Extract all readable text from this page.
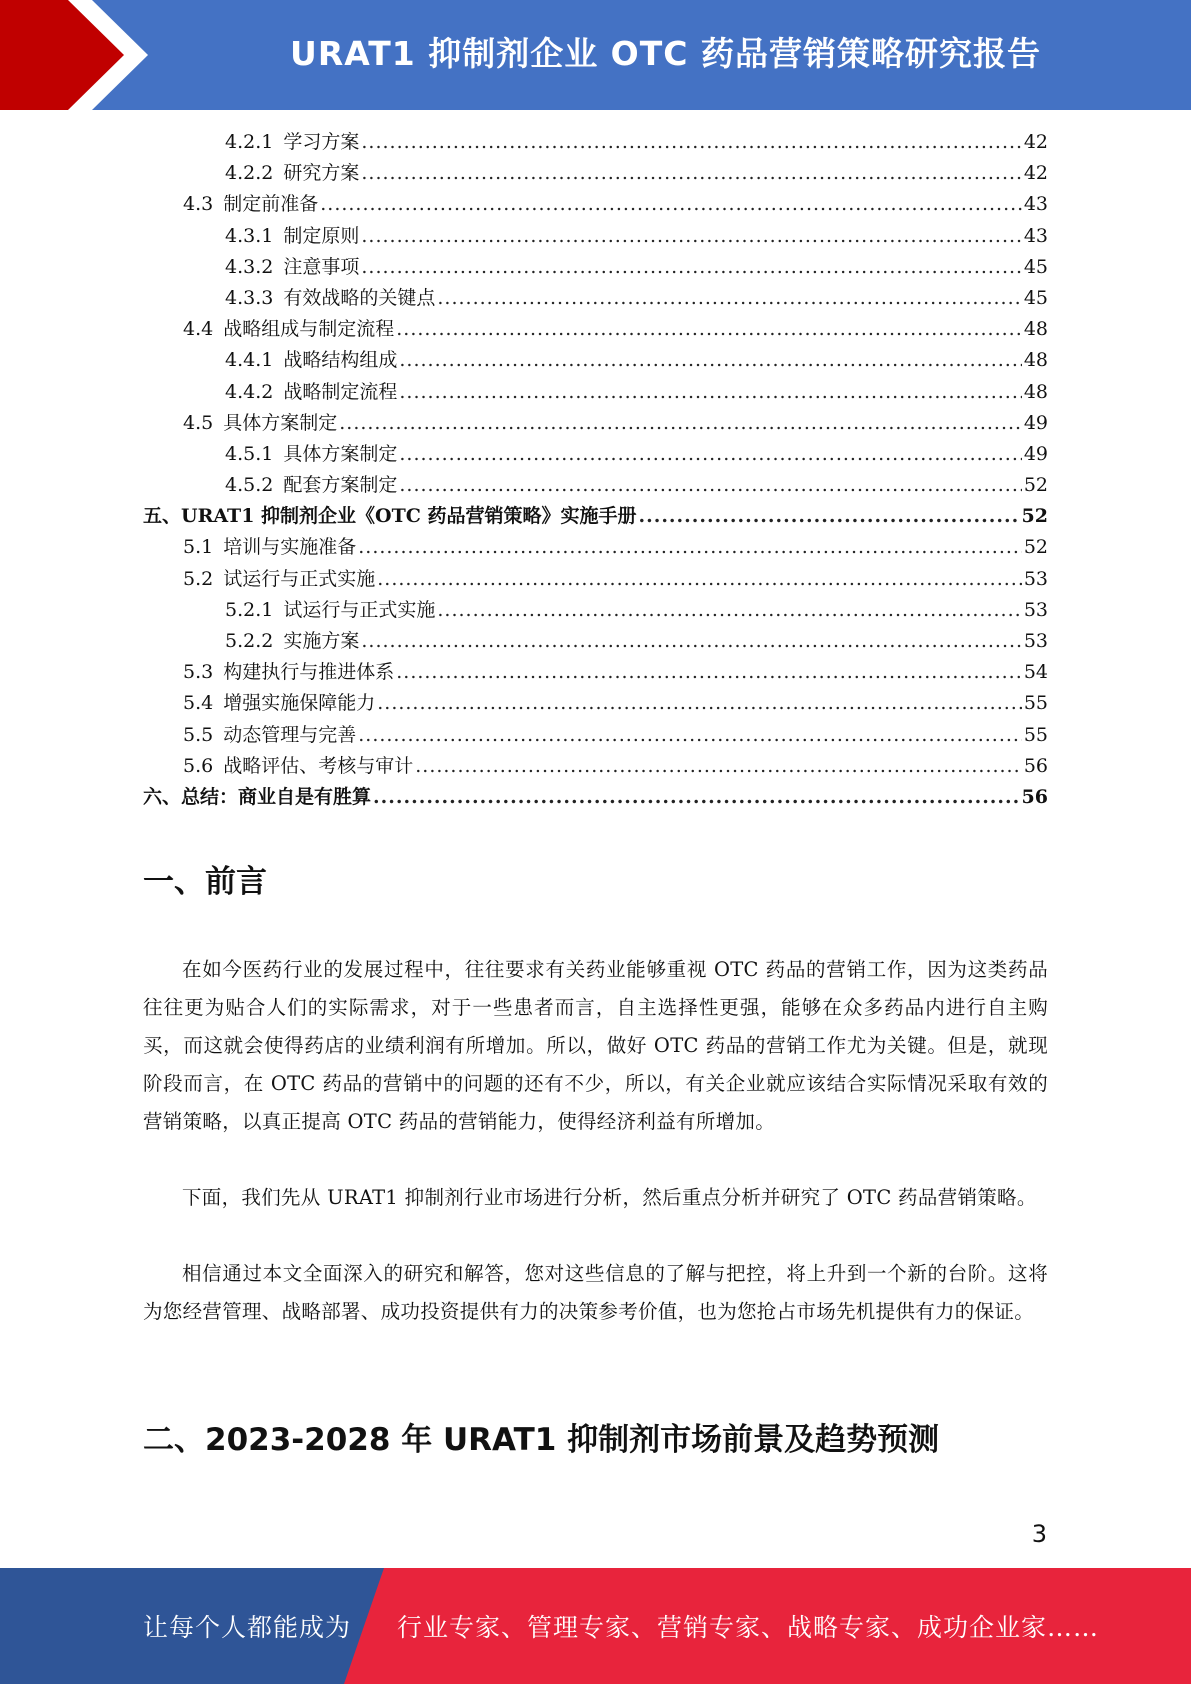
URAT1 抑制剂企业 OTC 药品营销策略研究报告
4.2.1 学习方案 .....	42
4.2.2 研究方案 .....	42
4.3 制定前准备 .....	43
4.3.1 制定原则 .....	43
4.3.2 注意事项 .....	45
4.3.3 有效战略的关键点 .....	45
4.4 战略组成与制定流程 .....	48
4.4.1 战略结构组成 .....	48
4.4.2 战略制定流程 .....	48
4.5 具体方案制定 .....	49
4.5.1 具体方案制定 .....	49
4.5.2 配套方案制定 .....	52
五、URAT1 抑制剂企业《OTC 药品营销策略》实施手册 .....	52
5.1 培训与实施准备 .....	52
5.2 试运行与正式实施 .....	53
5.2.1 试运行与正式实施 .....	53
5.2.2 实施方案 .....	53
5.3 构建执行与推进体系 .....	54
5.4 增强实施保障能力 .....	55
5.5 动态管理与完善 .....	55
5.6 战略评估、考核与审计 .....	56
六、总结：商业自是有胜算 .....	56
一、前言
在如今医药行业的发展过程中，往往要求有关药业能够重视 OTC 药品的营销工作，因为这类药品往往更为贴合人们的实际需求，对于一些患者而言，自主选择性更强，能够在众多药品内进行自主购买，而这就会使得药店的业绩利润有所增加。所以，做好 OTC 药品的营销工作尤为关键。但是，就现阶段而言，在 OTC 药品的营销中的问题的还有不少，所以，有关企业就应该结合实际情况采取有效的营销策略，以真正提高 OTC 药品的营销能力，使得经济利益有所增加。
下面，我们先从 URAT1 抑制剂行业市场进行分析，然后重点分析并研究了 OTC 药品营销策略。
相信通过本文全面深入的研究和解答，您对这些信息的了解与把控，将上升到一个新的台阶。这将为您经营管理、战略部署、成功投资提供有力的决策参考价值，也为您抢占市场先机提供有力的保证。
二、2023-2028 年 URAT1 抑制剂市场前景及趋势预测
3
让每个人都能成为 行业专家、管理专家、营销专家、战略专家、成功企业家……
